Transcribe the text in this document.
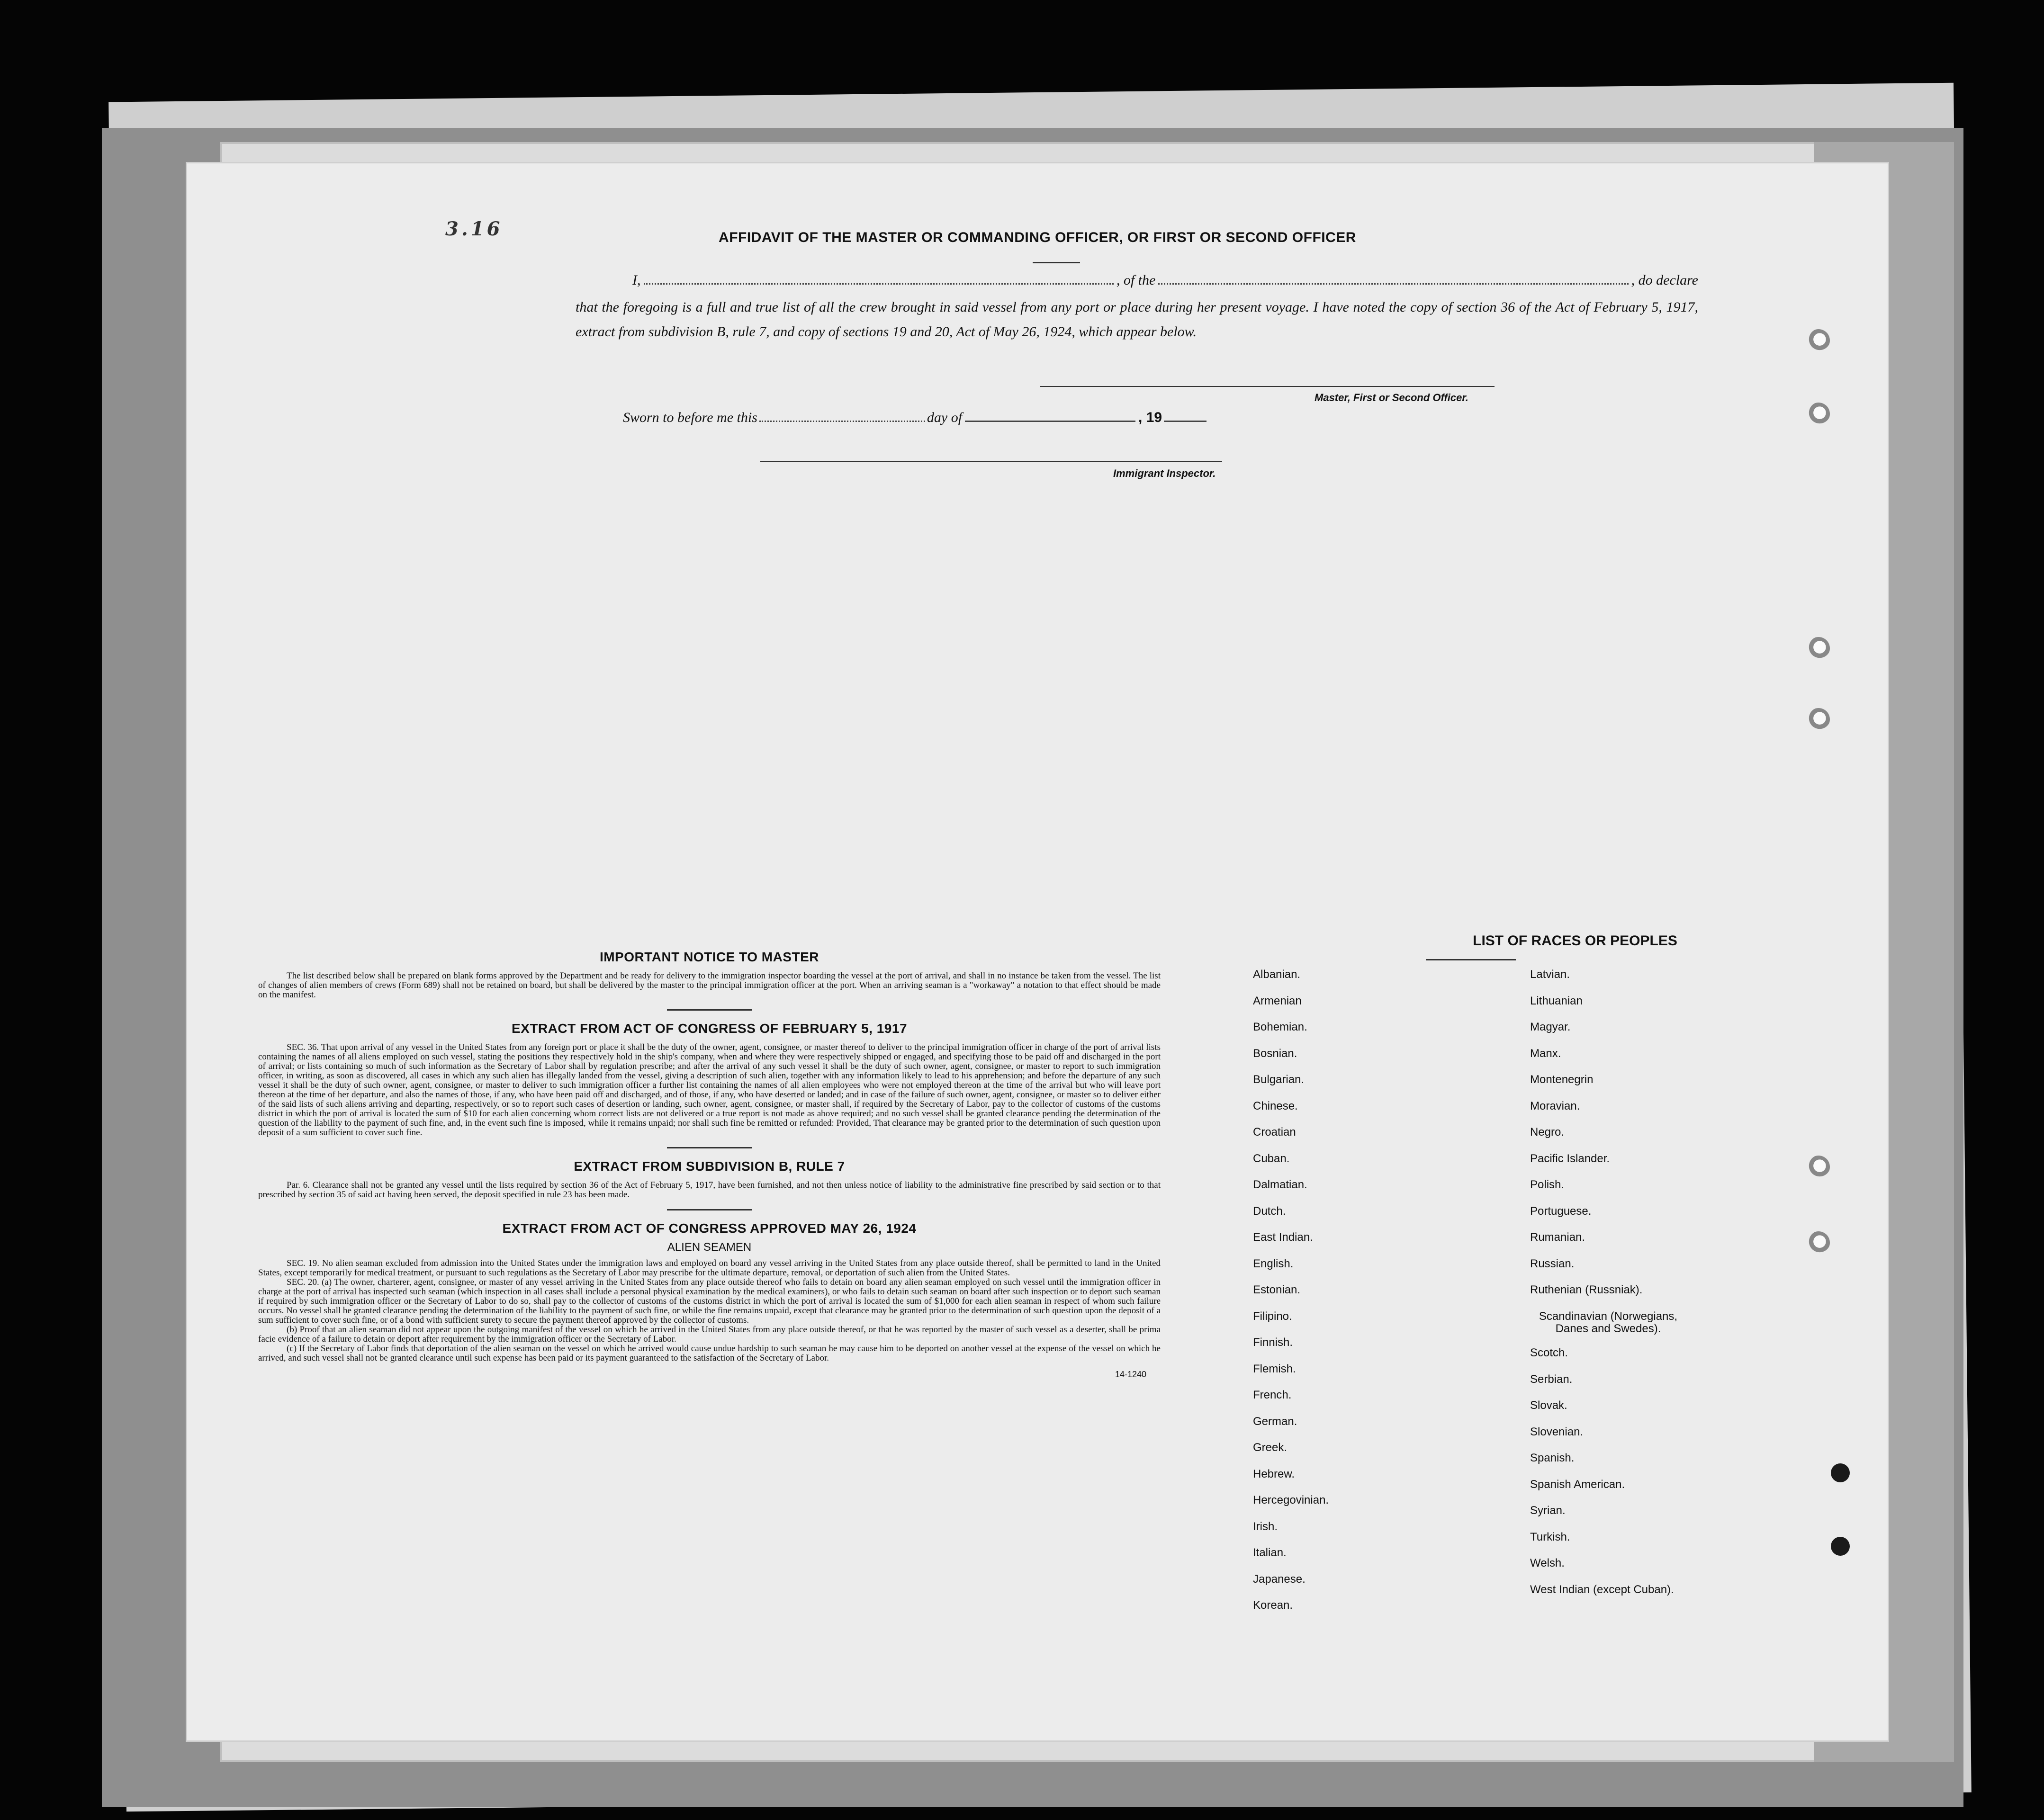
3.16	AFFIDAVIT OF THE MASTER OR COMMANDING OFFICER, OR FIRST OR SECOND OFFICER
I,	, of the	, do declare
that the foregoing is a full and true list of all the crew brought in said vessel from any port or place during her present voyage. I have noted the copy of section 36 of the Act of February 5, 1917, extract from subdivision B, rule 7, and copy of sections 19 and 20, Act of May 26, 1924, which appear below.
Master, First or Second Officer.
Sworn to before me this	day of	, 19
Immigrant Inspector.
IMPORTANT NOTICE TO MASTER
The list described below shall be prepared on blank forms approved by the Department and be ready for delivery to the immigration inspector boarding the vessel at the port of arrival, and shall in no instance be taken from the vessel. The list of changes of alien members of crews (Form 689) shall not be retained on board, but shall be delivered by the master to the principal immigration officer at the port. When an arriving seaman is a "workaway" a notation to that effect should be made on the manifest.
EXTRACT FROM ACT OF CONGRESS OF FEBRUARY 5, 1917
SEC. 36. That upon arrival of any vessel in the United States from any foreign port or place it shall be the duty of the owner, agent, consignee, or master thereof to deliver to the principal immigration officer in charge of the port of arrival lists containing the names of all aliens employed on such vessel, stating the positions they respectively hold in the ship's company, when and where they were respectively shipped or engaged, and specifying those to be paid off and discharged in the port of arrival; or lists containing so much of such information as the Secretary of Labor shall by regulation prescribe; and after the arrival of any such vessel it shall be the duty of such owner, agent, consignee, or master to report to such immigration officer, in writing, as soon as discovered, all cases in which any such alien has illegally landed from the vessel, giving a description of such alien, together with any information likely to lead to his apprehension; and before the departure of any such vessel it shall be the duty of such owner, agent, consignee, or master to deliver to such immigration officer a further list containing the names of all alien employees who were not employed thereon at the time of the arrival but who will leave port thereon at the time of her departure, and also the names of those, if any, who have been paid off and discharged, and of those, if any, who have deserted or landed; and in case of the failure of such owner, agent, consignee, or master so to deliver either of the said lists of such aliens arriving and departing, respectively, or so to report such cases of desertion or landing, such owner, agent, consignee, or master shall, if required by the Secretary of Labor, pay to the collector of customs of the customs district in which the port of arrival is located the sum of $10 for each alien concerning whom correct lists are not delivered or a true report is not made as above required; and no such vessel shall be granted clearance pending the determination of the question of the liability to the payment of such fine, and, in the event such fine is imposed, while it remains unpaid; nor shall such fine be remitted or refunded: Provided, That clearance may be granted prior to the determination of such question upon deposit of a sum sufficient to cover such fine.
EXTRACT FROM SUBDIVISION B, RULE 7
Par. 6. Clearance shall not be granted any vessel until the lists required by section 36 of the Act of February 5, 1917, have been furnished, and not then unless notice of liability to the administrative fine prescribed by said section or to that prescribed by section 35 of said act having been served, the deposit specified in rule 23 has been made.
EXTRACT FROM ACT OF CONGRESS APPROVED MAY 26, 1924
ALIEN SEAMEN
SEC. 19. No alien seaman excluded from admission into the United States under the immigration laws and employed on board any vessel arriving in the United States from any place outside thereof, shall be permitted to land in the United States, except temporarily for medical treatment, or pursuant to such regulations as the Secretary of Labor may prescribe for the ultimate departure, removal, or deportation of such alien from the United States.
SEC. 20. (a) The owner, charterer, agent, consignee, or master of any vessel arriving in the United States from any place outside thereof who fails to detain on board any alien seaman employed on such vessel until the immigration officer in charge at the port of arrival has inspected such seaman (which inspection in all cases shall include a personal physical examination by the medical examiners), or who fails to detain such seaman on board after such inspection or to deport such seaman if required by such immigration officer or the Secretary of Labor to do so, shall pay to the collector of customs of the customs district in which the port of arrival is located the sum of $1,000 for each alien seaman in respect of whom such failure occurs. No vessel shall be granted clearance pending the determination of the liability to the payment of such fine, or while the fine remains unpaid, except that clearance may be granted prior to the determination of such question upon the deposit of a sum sufficient to cover such fine, or of a bond with sufficient surety to secure the payment thereof approved by the collector of customs.
(b) Proof that an alien seaman did not appear upon the outgoing manifest of the vessel on which he arrived in the United States from any place outside thereof, or that he was reported by the master of such vessel as a deserter, shall be prima facie evidence of a failure to detain or deport after requirement by the immigration officer or the Secretary of Labor.
(c) If the Secretary of Labor finds that deportation of the alien seaman on the vessel on which he arrived would cause undue hardship to such seaman he may cause him to be deported on another vessel at the expense of the vessel on which he arrived, and such vessel shall not be granted clearance until such expense has been paid or its payment guaranteed to the satisfaction of the Secretary of Labor.
14-1240
LIST OF RACES OR PEOPLES
Albanian.
Armenian
Bohemian.
Bosnian.
Bulgarian.
Chinese.
Croatian
Cuban.
Dalmatian.
Dutch.
East Indian.
English.
Estonian.
Filipino.
Finnish.
Flemish.
French.
German.
Greek.
Hebrew.
Hercegovinian.
Irish.
Italian.
Japanese.
Korean.
Latvian.
Lithuanian
Magyar.
Manx.
Montenegrin
Moravian.
Negro.
Pacific Islander.
Polish.
Portuguese.
Rumanian.
Russian.
Ruthenian (Russniak).
Scandinavian (Norwegians, Danes and Swedes).
Scotch.
Serbian.
Slovak.
Slovenian.
Spanish.
Spanish American.
Syrian.
Turkish.
Welsh.
West Indian (except Cuban).
